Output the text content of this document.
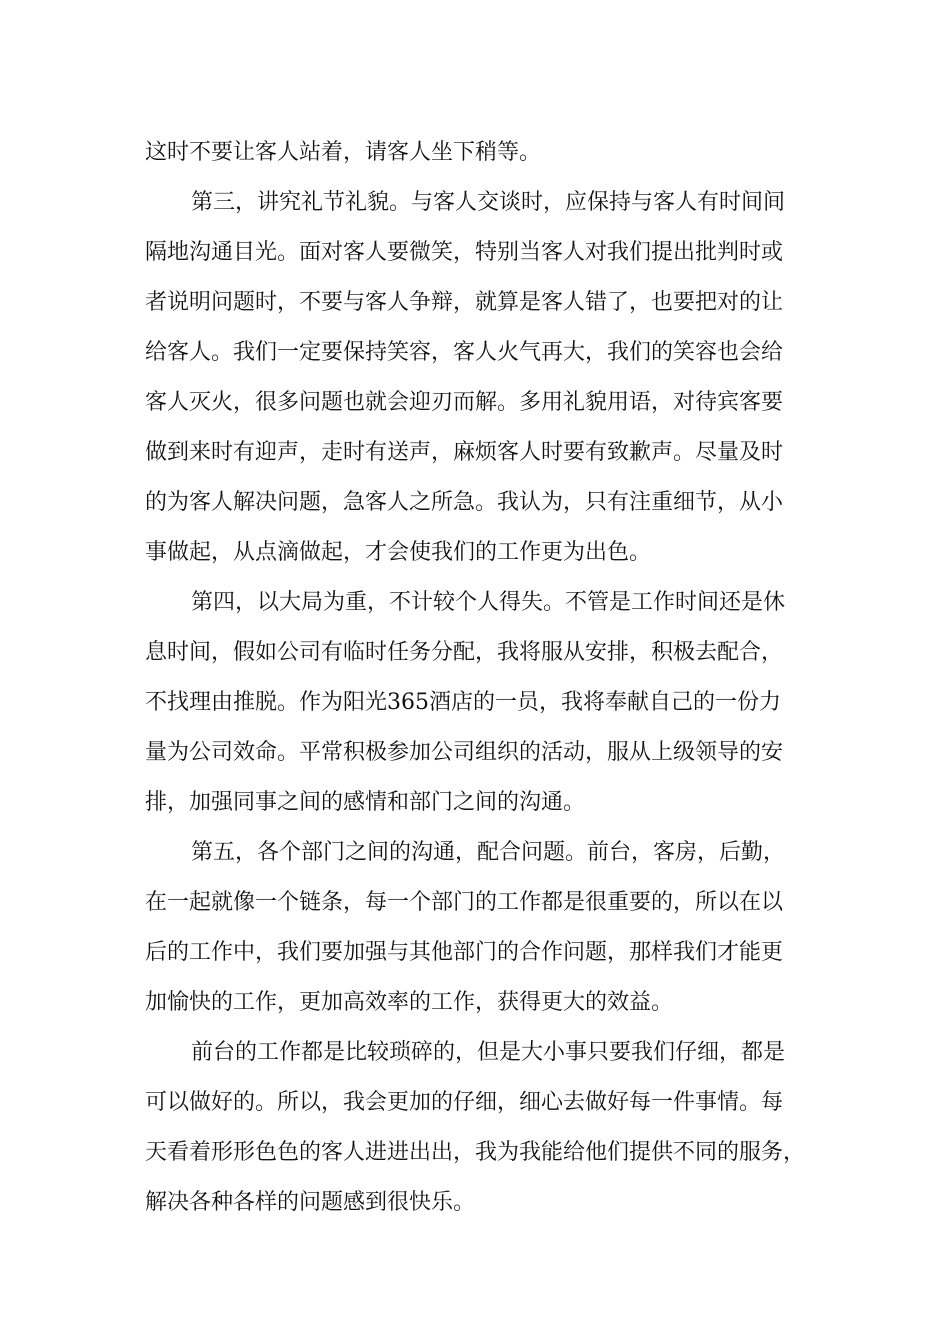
这时不要让客人站着，请客人坐下稍等。
第三，讲究礼节礼貌。与客人交谈时，应保持与客人有时间间
隔地沟通目光。面对客人要微笑，特别当客人对我们提出批判时或
者说明问题时，不要与客人争辩，就算是客人错了，也要把对的让
给客人。我们一定要保持笑容，客人火气再大，我们的笑容也会给
客人灭火，很多问题也就会迎刃而解。多用礼貌用语，对待宾客要
做到来时有迎声，走时有送声，麻烦客人时要有致歉声。尽量及时
的为客人解决问题，急客人之所急。我认为，只有注重细节，从小
事做起，从点滴做起，才会使我们的工作更为出色。
第四，以大局为重，不计较个人得失。不管是工作时间还是休
息时间，假如公司有临时任务分配，我将服从安排，积极去配合，
不找理由推脱。作为阳光365酒店的一员，我将奉献自己的一份力
量为公司效命。平常积极参加公司组织的活动，服从上级领导的安
排，加强同事之间的感情和部门之间的沟通。
第五，各个部门之间的沟通，配合问题。前台，客房，后勤，
在一起就像一个链条，每一个部门的工作都是很重要的，所以在以
后的工作中，我们要加强与其他部门的合作问题，那样我们才能更
加愉快的工作，更加高效率的工作，获得更大的效益。
前台的工作都是比较琐碎的，但是大小事只要我们仔细，都是
可以做好的。所以，我会更加的仔细，细心去做好每一件事情。每
天看着形形色色的客人进进出出，我为我能给他们提供不同的服务，
解决各种各样的问题感到很快乐。
